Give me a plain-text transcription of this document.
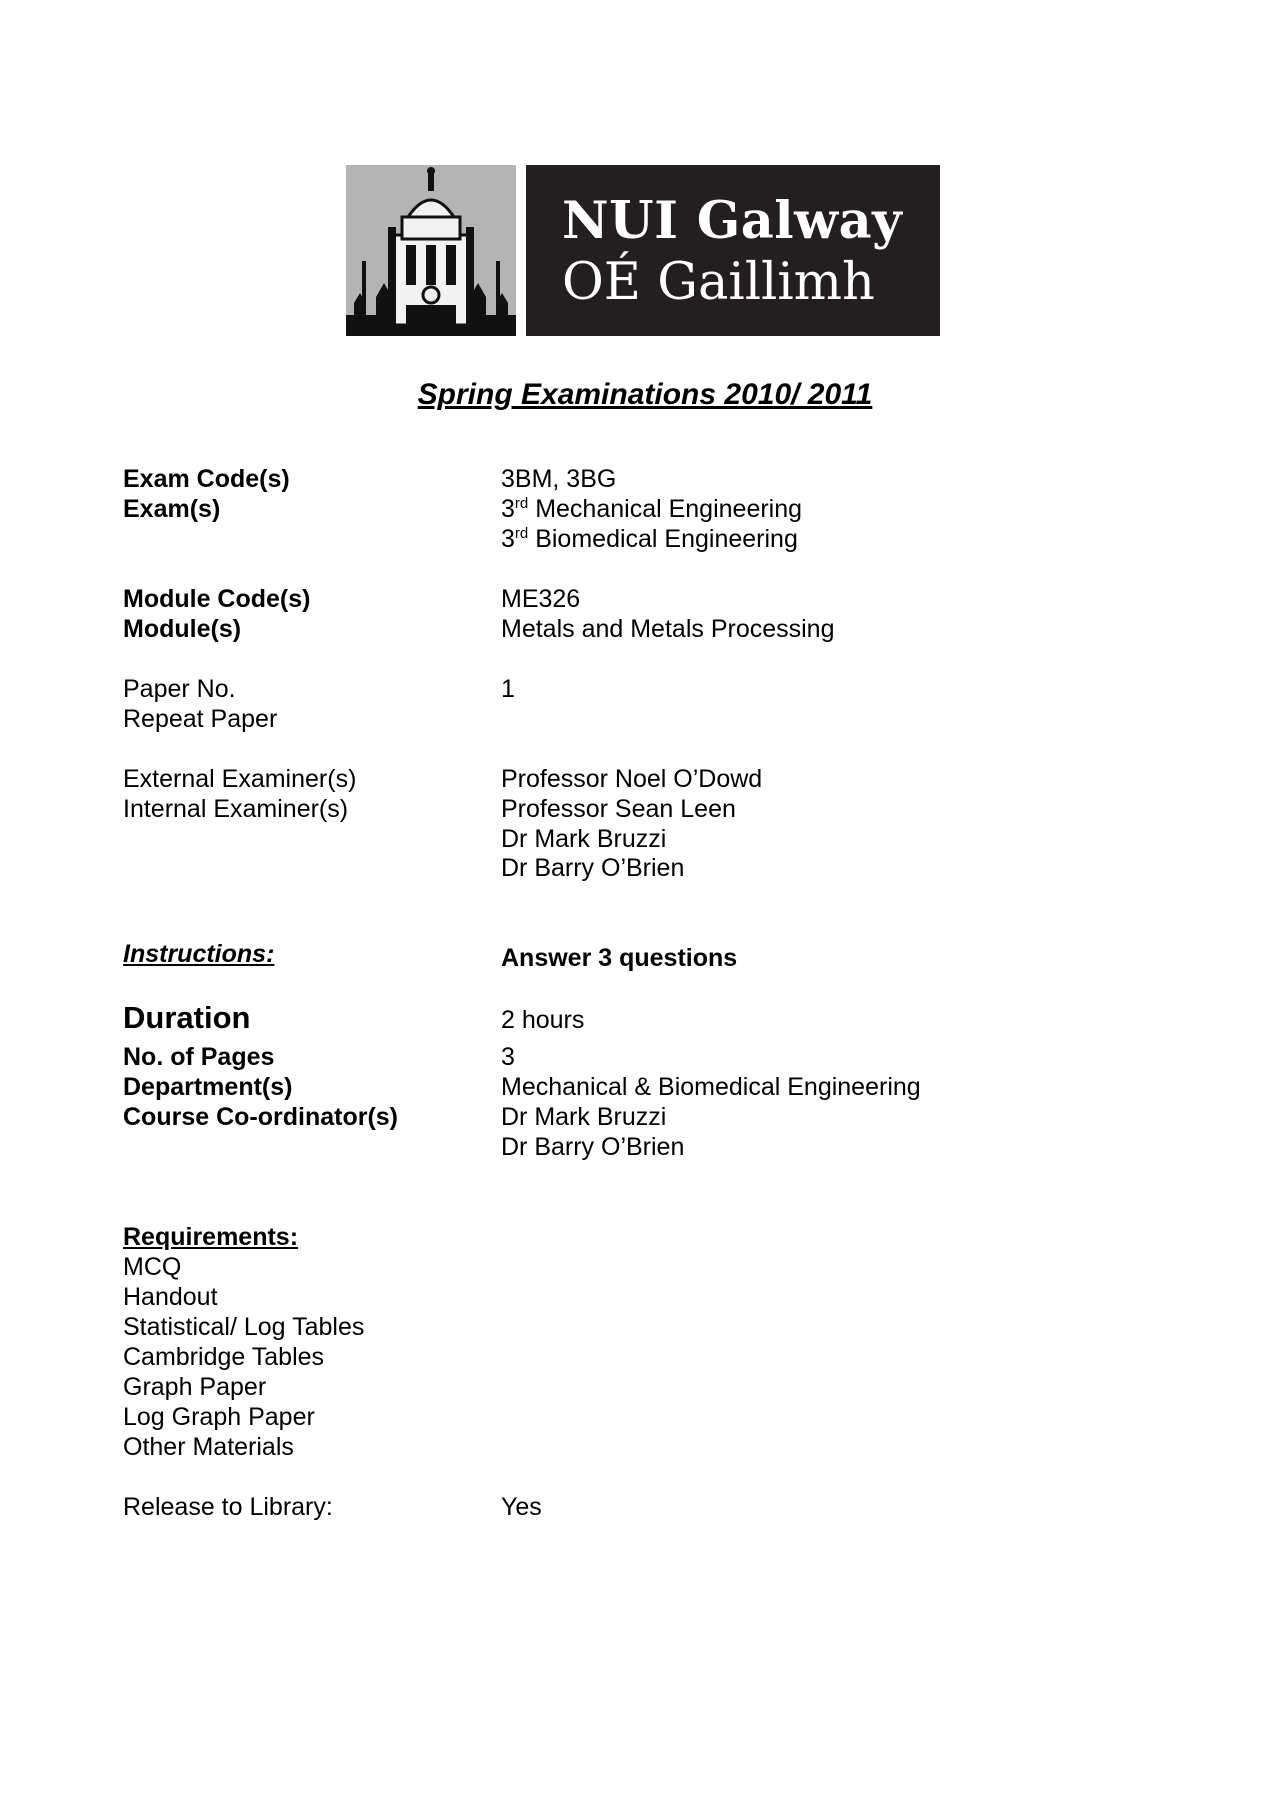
NUI Galway
OÉ Gaillimh
Spring Examinations 2010/ 2011
Exam Code(s)	3BM, 3BG
Exam(s)	3rd Mechanical Engineering
3rd Biomedical Engineering
Module Code(s)	ME326
Module(s)	Metals and Metals Processing
Paper No.	1
Repeat Paper
External Examiner(s)	Professor Noel O’Dowd
Internal Examiner(s)	Professor Sean Leen
Dr Mark Bruzzi
Dr Barry O’Brien
Instructions:	Answer 3 questions
Duration	2 hours
No. of Pages	3
Department(s)	Mechanical & Biomedical Engineering
Course Co-ordinator(s)	Dr Mark Bruzzi
Dr Barry O’Brien
Requirements:
MCQ
Handout
Statistical/ Log Tables
Cambridge Tables
Graph Paper
Log Graph Paper
Other Materials
Release to Library:	Yes
